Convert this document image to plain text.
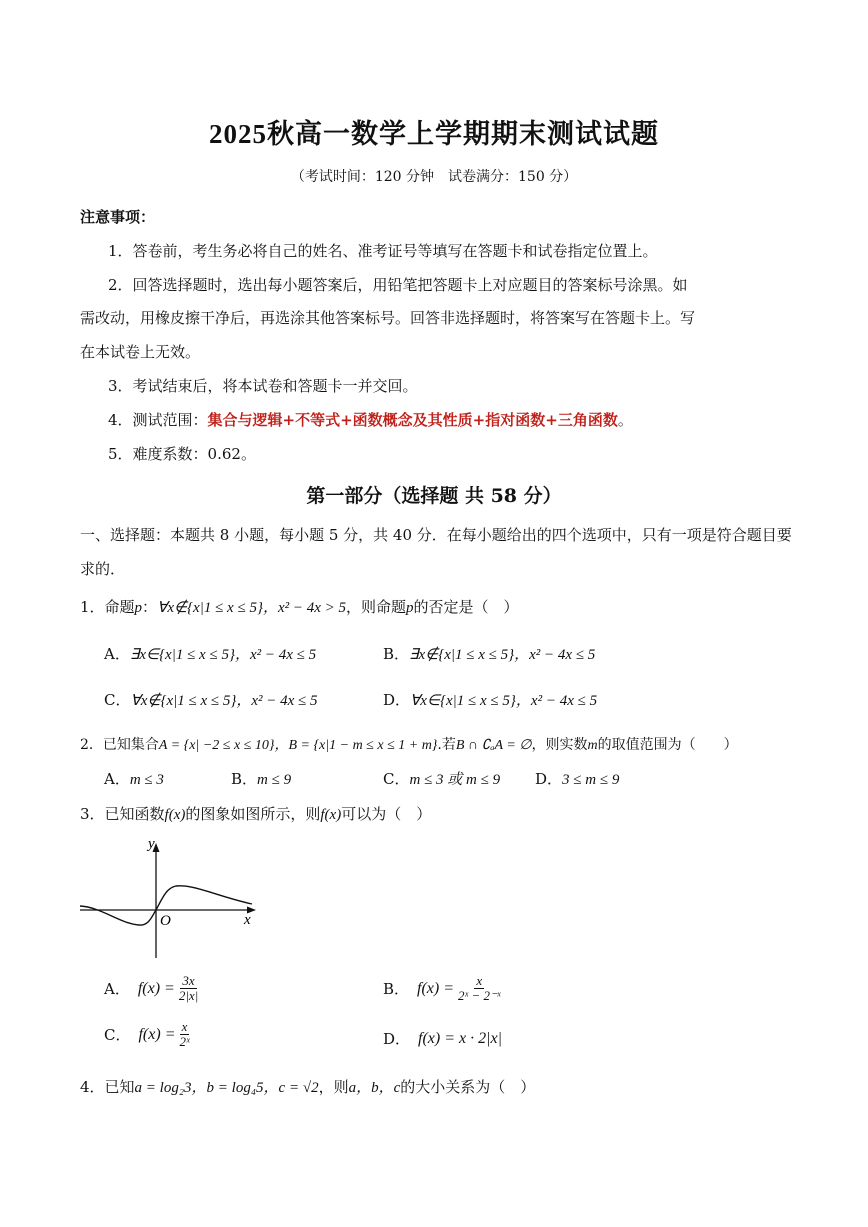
2025秋高一数学上学期期末测试试题
（考试时间：120 分钟　试卷满分：150 分）
注意事项：
1．答卷前，考生务必将自己的姓名、准考证号等填写在答题卡和试卷指定位置上。
2．回答选择题时，选出每小题答案后，用铅笔把答题卡上对应题目的答案标号涂黑。如
需改动，用橡皮擦干净后，再选涂其他答案标号。回答非选择题时，将答案写在答题卡上。写
在本试卷上无效。
3．考试结束后，将本试卷和答题卡一并交回。
4．测试范围：集合与逻辑+不等式+函数概念及其性质+指对函数+三角函数。
5．难度系数：0.62。
第一部分（选择题 共 58 分）
一、选择题：本题共 8 小题，每小题 5 分，共 40 分．在每小题给出的四个选项中，只有一项是符合题目要
求的．
1．命题p：∀x∉{x|1 ≤ x ≤ 5}，x² − 4x > 5，则命题p的否定是（　）
A．∃x∈{x|1 ≤ x ≤ 5}，x² − 4x ≤ 5	B．∃x∉{x|1 ≤ x ≤ 5}，x² − 4x ≤ 5
C．∀x∉{x|1 ≤ x ≤ 5}，x² − 4x ≤ 5	D．∀x∈{x|1 ≤ x ≤ 5}，x² − 4x ≤ 5
2．已知集合A = {x| −2 ≤ x ≤ 10}，B = {x|1 − m ≤ x ≤ 1 + m}.若B ∩ ∁ₐA = ∅，则实数m的取值范围为（　　）
A．m ≤ 3	B．m ≤ 9	C．m ≤ 3 或 m ≤ 9 D．3 ≤ m ≤ 9
3．已知函数f(x)的图象如图所示，则f(x)可以为（　）
y
x
O
A． $f(x) = \frac{3x}{2|x|}$	B． $f(x) = \frac{x}{\text{2ˣ − 2⁻ˣ}}$
C． $f(x) = \frac{x}{\text{2ˣ}}$	D． f(x) = x · 2|x|
4．已知a = log₂3，b = log₄5，c = √2，则a，b，c的大小关系为（　）
